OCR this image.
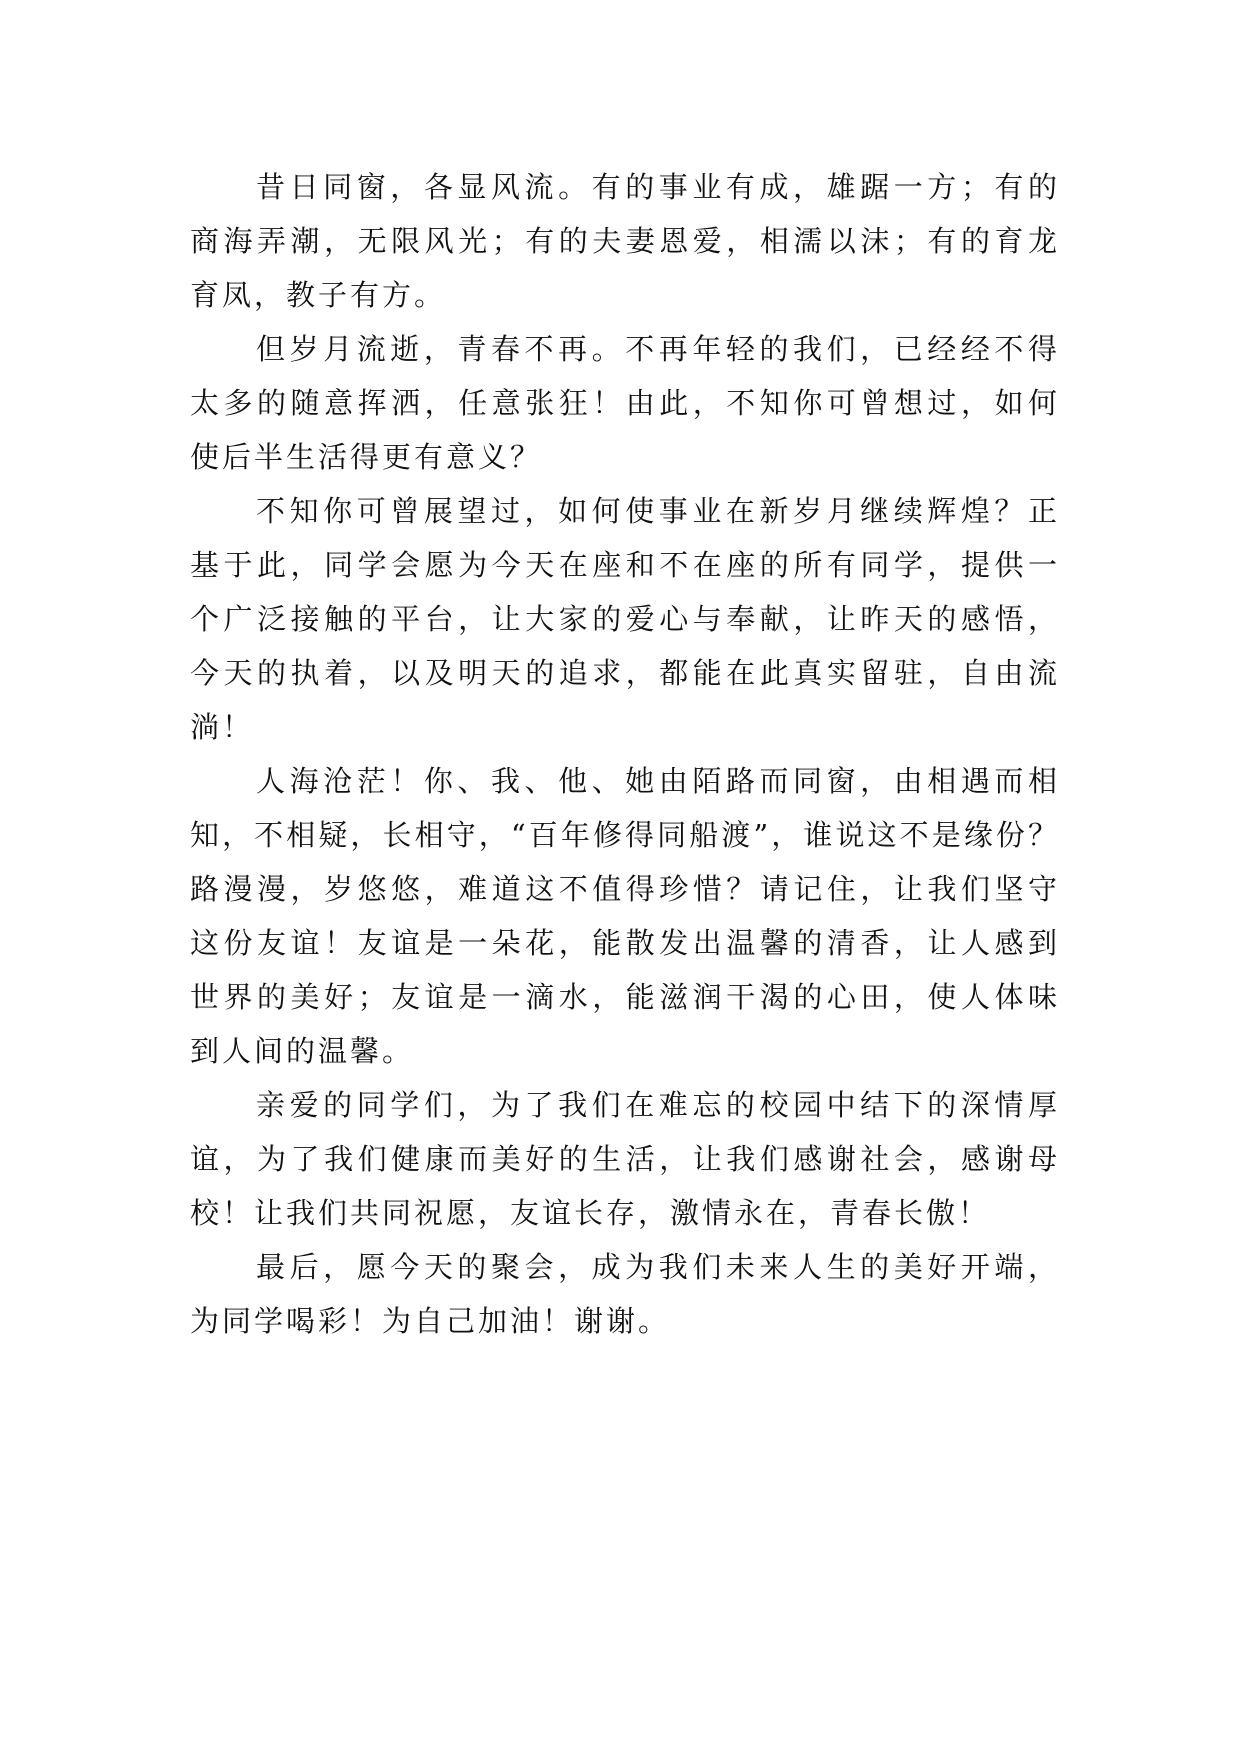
昔日同窗，各显风流。有的事业有成，雄踞一方；有的
商海弄潮，无限风光；有的夫妻恩爱，相濡以沫；有的育龙
育凤，教子有方。

但岁月流逝，青春不再。不再年轻的我们，已经经不得
太多的随意挥洒，任意张狂！由此，不知你可曾想过，如何
使后半生活得更有意义？

不知你可曾展望过，如何使事业在新岁月继续辉煌？正
基于此，同学会愿为今天在座和不在座的所有同学，提供一
个广泛接触的平台，让大家的爱心与奉献，让昨天的感悟，
今天的执着，以及明天的追求，都能在此真实留驻，自由流
淌！

人海沧茫！你、我、他、她由陌路而同窗，由相遇而相
知，不相疑，长相守，“百年修得同船渡”，谁说这不是缘份？
路漫漫，岁悠悠，难道这不值得珍惜？请记住，让我们坚守
这份友谊！友谊是一朵花，能散发出温馨的清香，让人感到
世界的美好；友谊是一滴水，能滋润干渴的心田，使人体味
到人间的温馨。

亲爱的同学们，为了我们在难忘的校园中结下的深情厚
谊，为了我们健康而美好的生活，让我们感谢社会，感谢母
校！让我们共同祝愿，友谊长存，激情永在，青春长傲！

最后，愿今天的聚会，成为我们未来人生的美好开端，
为同学喝彩！为自己加油！谢谢。
